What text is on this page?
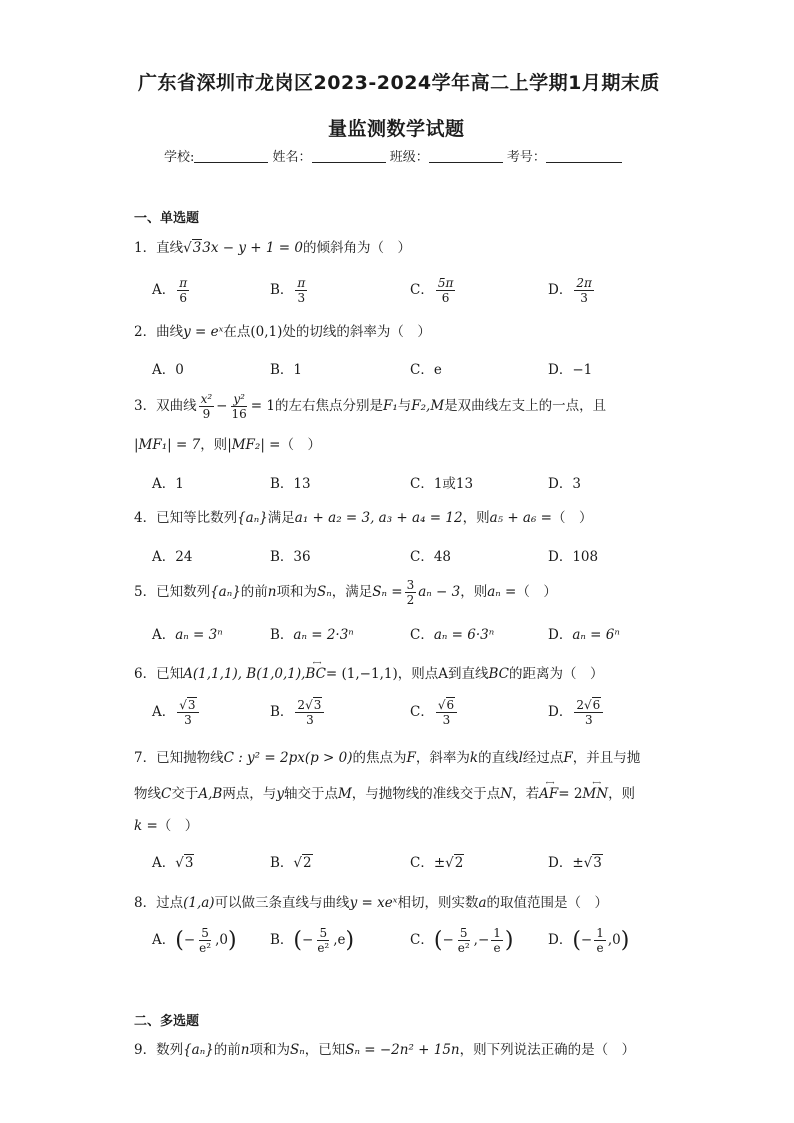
广东省深圳市龙岗区2023-2024学年高二上学期1月期末质
量监测数学试题
学校:	姓名：	班级：	考号：
一、单选题
1．直线√33x − y + 1 = 0的倾斜角为（　）
A． $\frac{\pi}{6}$	B． $\frac{\pi}{3}$	C． $\frac{5\pi}{6}$	D． $\frac{2\pi}{3}$
2．曲线y = eˣ在点(0,1)处的切线的斜率为（　）
A．0	B．1	C．e	D．−1
3．双曲线 $\frac{\text{x²}}{9} - \frac{\text{y²}}{16} = 1$的左右焦点分别是F₁与F₂,M是双曲线左支上的一点，且
|MF₁| = 7，则|MF₂| =（　）
A．1	B．13	C．1或13	D．3
4．已知等比数列{aₙ}满足a₁ + a₂ = 3, a₃ + a₄ = 12，则a₅ + a₆ =（　）
A．24	B．36	C．48	D．108
5．已知数列{aₙ}的前n项和为Sₙ，满足$S_n = \frac{3}{2}$ aₙ − 3，则aₙ =（　）
A．aₙ = 3ⁿ	B．aₙ = 2·3ⁿ	C．aₙ = 6·3ⁿ	D．aₙ = 6ⁿ
6．已知A(1,1,1), B(1,0,1),←→ BC= (1,−1,1)，则点A到直线BC的距离为（　）
A． $\frac{√3}{3}$	B． $\frac{2√3}{3}$	C． $\frac{√6}{3}$	D． $\frac{2√6}{3}$
7．已知抛物线C : y² = 2px(p > 0)的焦点为F，斜率为k的直线l经过点F，并且与抛
物线C交于A,B两点，与y轴交于点M，与抛物线的准线交于点N，若←→ AF= 2←→ MN，则
k =（　）
A．√3	B．√2	C．±√2	D．±√3
8．过点(1,a)可以做三条直线与曲线y = xeˣ相切，则实数a的取值范围是（　）
A．(− $\frac{5}{\text{e²}} ,0$) B．(− $\frac{5}{\text{e²}} ,e$)	C．(− $\frac{5}{\text{e²}}$ ,− $\frac{1}{e}$ )	D．(− $\frac{1}{e} ,0$)
二、多选题
9．数列{aₙ}的前n项和为Sₙ，已知Sₙ = −2n² + 15n，则下列说法正确的是（　）
